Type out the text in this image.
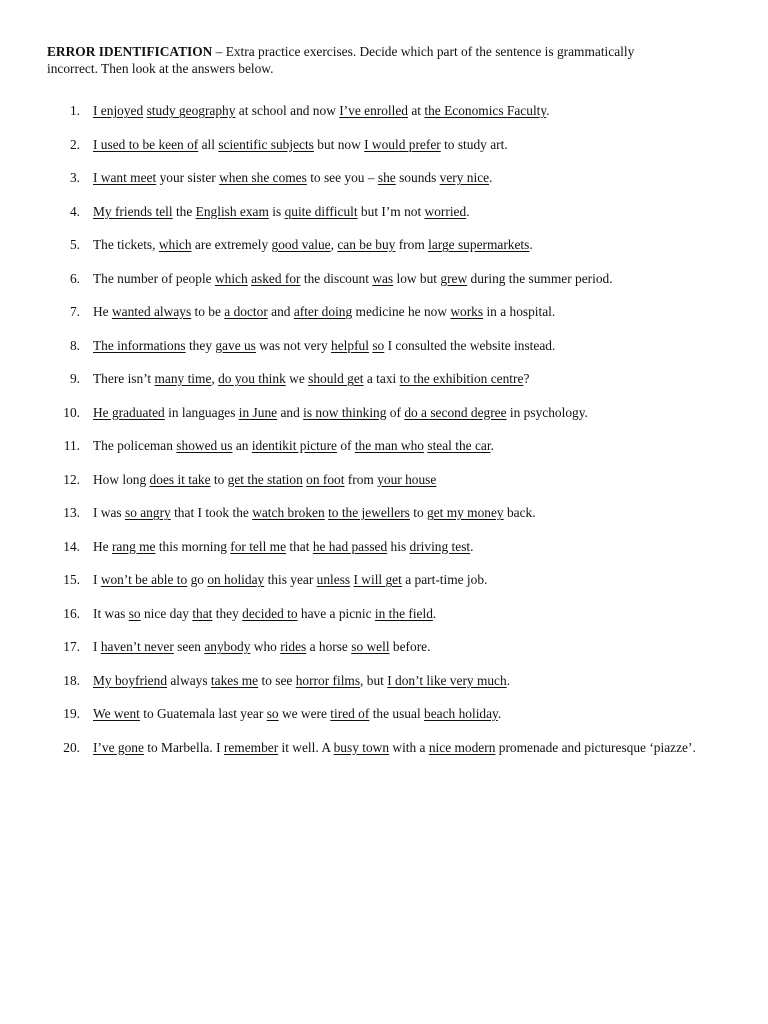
ERROR IDENTIFICATION – Extra practice exercises. Decide which part of the sentence is grammatically incorrect. Then look at the answers below.
1. I enjoyed study geography at school and now I’ve enrolled at the Economics Faculty.
2. I used to be keen of all scientific subjects but now I would prefer to study art.
3. I want meet your sister when she comes to see you – she sounds very nice.
4. My friends tell the English exam is quite difficult but I’m not worried.
5. The tickets, which are extremely good value, can be buy from large supermarkets.
6. The number of people which asked for the discount was low but grew during the summer period.
7. He wanted always to be a doctor and after doing medicine he now works in a hospital.
8. The informations they gave us was not very helpful so I consulted the website instead.
9. There isn’t many time, do you think we should get a taxi to the exhibition centre?
10. He graduated in languages in June and is now thinking of do a second degree in psychology.
11. The policeman showed us an identikit picture of the man who steal the car.
12. How long does it take to get the station on foot from your house
13. I was so angry that I took the watch broken to the jewellers to get my money back.
14. He rang me this morning for tell me that he had passed his driving test.
15. I won’t be able to go on holiday this year unless I will get a part-time job.
16. It was so nice day that they decided to have a picnic in the field.
17. I haven’t never seen anybody who rides a horse so well before.
18. My boyfriend always takes me to see horror films, but I don’t like very much.
19. We went to Guatemala last year so we were tired of the usual beach holiday.
20. I’ve gone to Marbella. I remember it well. A busy town with a nice modern promenade and picturesque ‘piazze’.
